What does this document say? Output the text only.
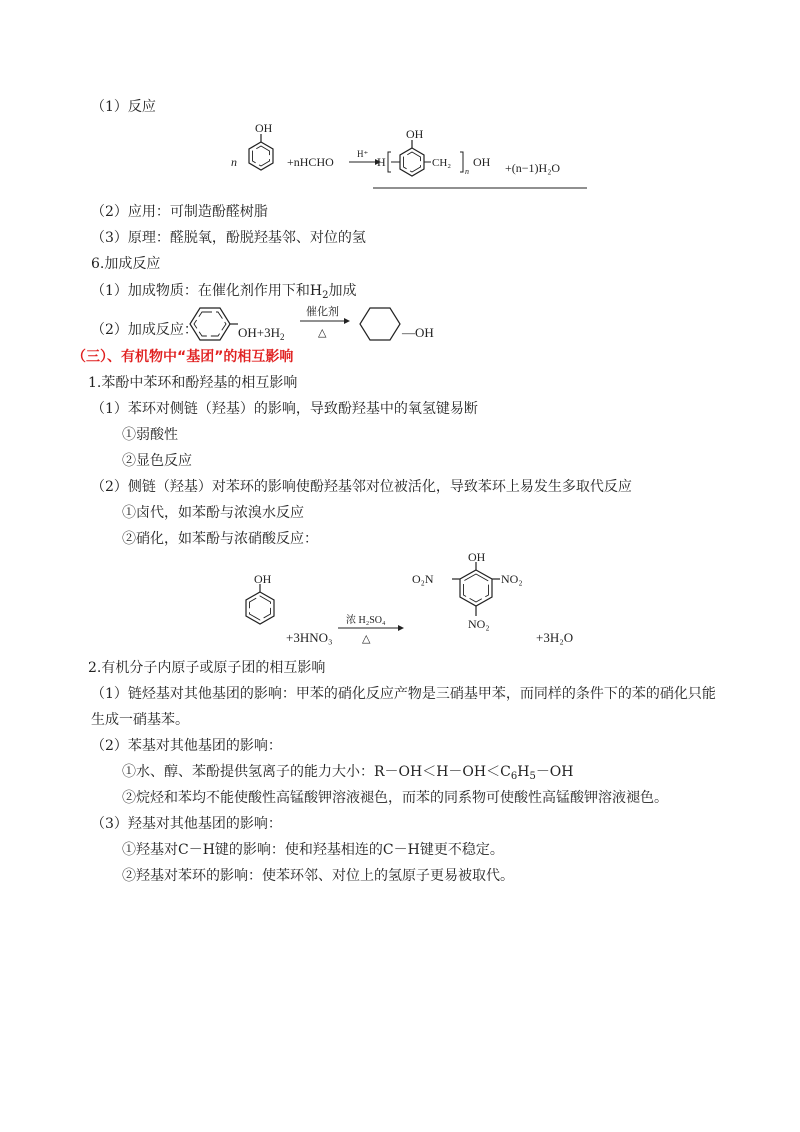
（1）反应
n
OH
+nHCHO
H⁺
H
OH
CH₂
n
OH +(n−1)H₂O
（2）应用：可制造酚醛树脂
（3）原理：醛脱氧，酚脱羟基邻、对位的氢
6.加成反应
（1）加成物质：在催化剂作用下和$H_2$加成
（2）加成反应：	$OH+3H_2$
催化剂
△	—OH
（三）、有机物中“基团”的相互影响
1.苯酚中苯环和酚羟基的相互影响
（1）苯环对侧链（羟基）的影响，导致酚羟基中的氧氢键易断
①弱酸性
②显色反应
（2）侧链（羟基）对苯环的影响使酚羟基邻对位被活化，导致苯环上易发生多取代反应
①卤代，如苯酚与浓溴水反应
②硝化，如苯酚与浓硝酸反应：
OH
+3HNO₃
浓 H₂SO₄
△
OH
O₂N	NO₂
NO₂
+3H₂O
2.有机分子内原子或原子团的相互影响
（1）链烃基对其他基团的影响：甲苯的硝化反应产物是三硝基甲苯，而同样的条件下的苯的硝化只能
生成一硝基苯。
（2）苯基对其他基团的影响：
①水、醇、苯酚提供氢离子的能力大小：$R-OH<H-OH<C_6H_5-OH$
②烷烃和苯均不能使酸性高锰酸钾溶液褪色，而苯的同系物可使酸性高锰酸钾溶液褪色。
（3）羟基对其他基团的影响：
①羟基对C－H键的影响：使和羟基相连的C－H键更不稳定。
②羟基对苯环的影响：使苯环邻、对位上的氢原子更易被取代。
